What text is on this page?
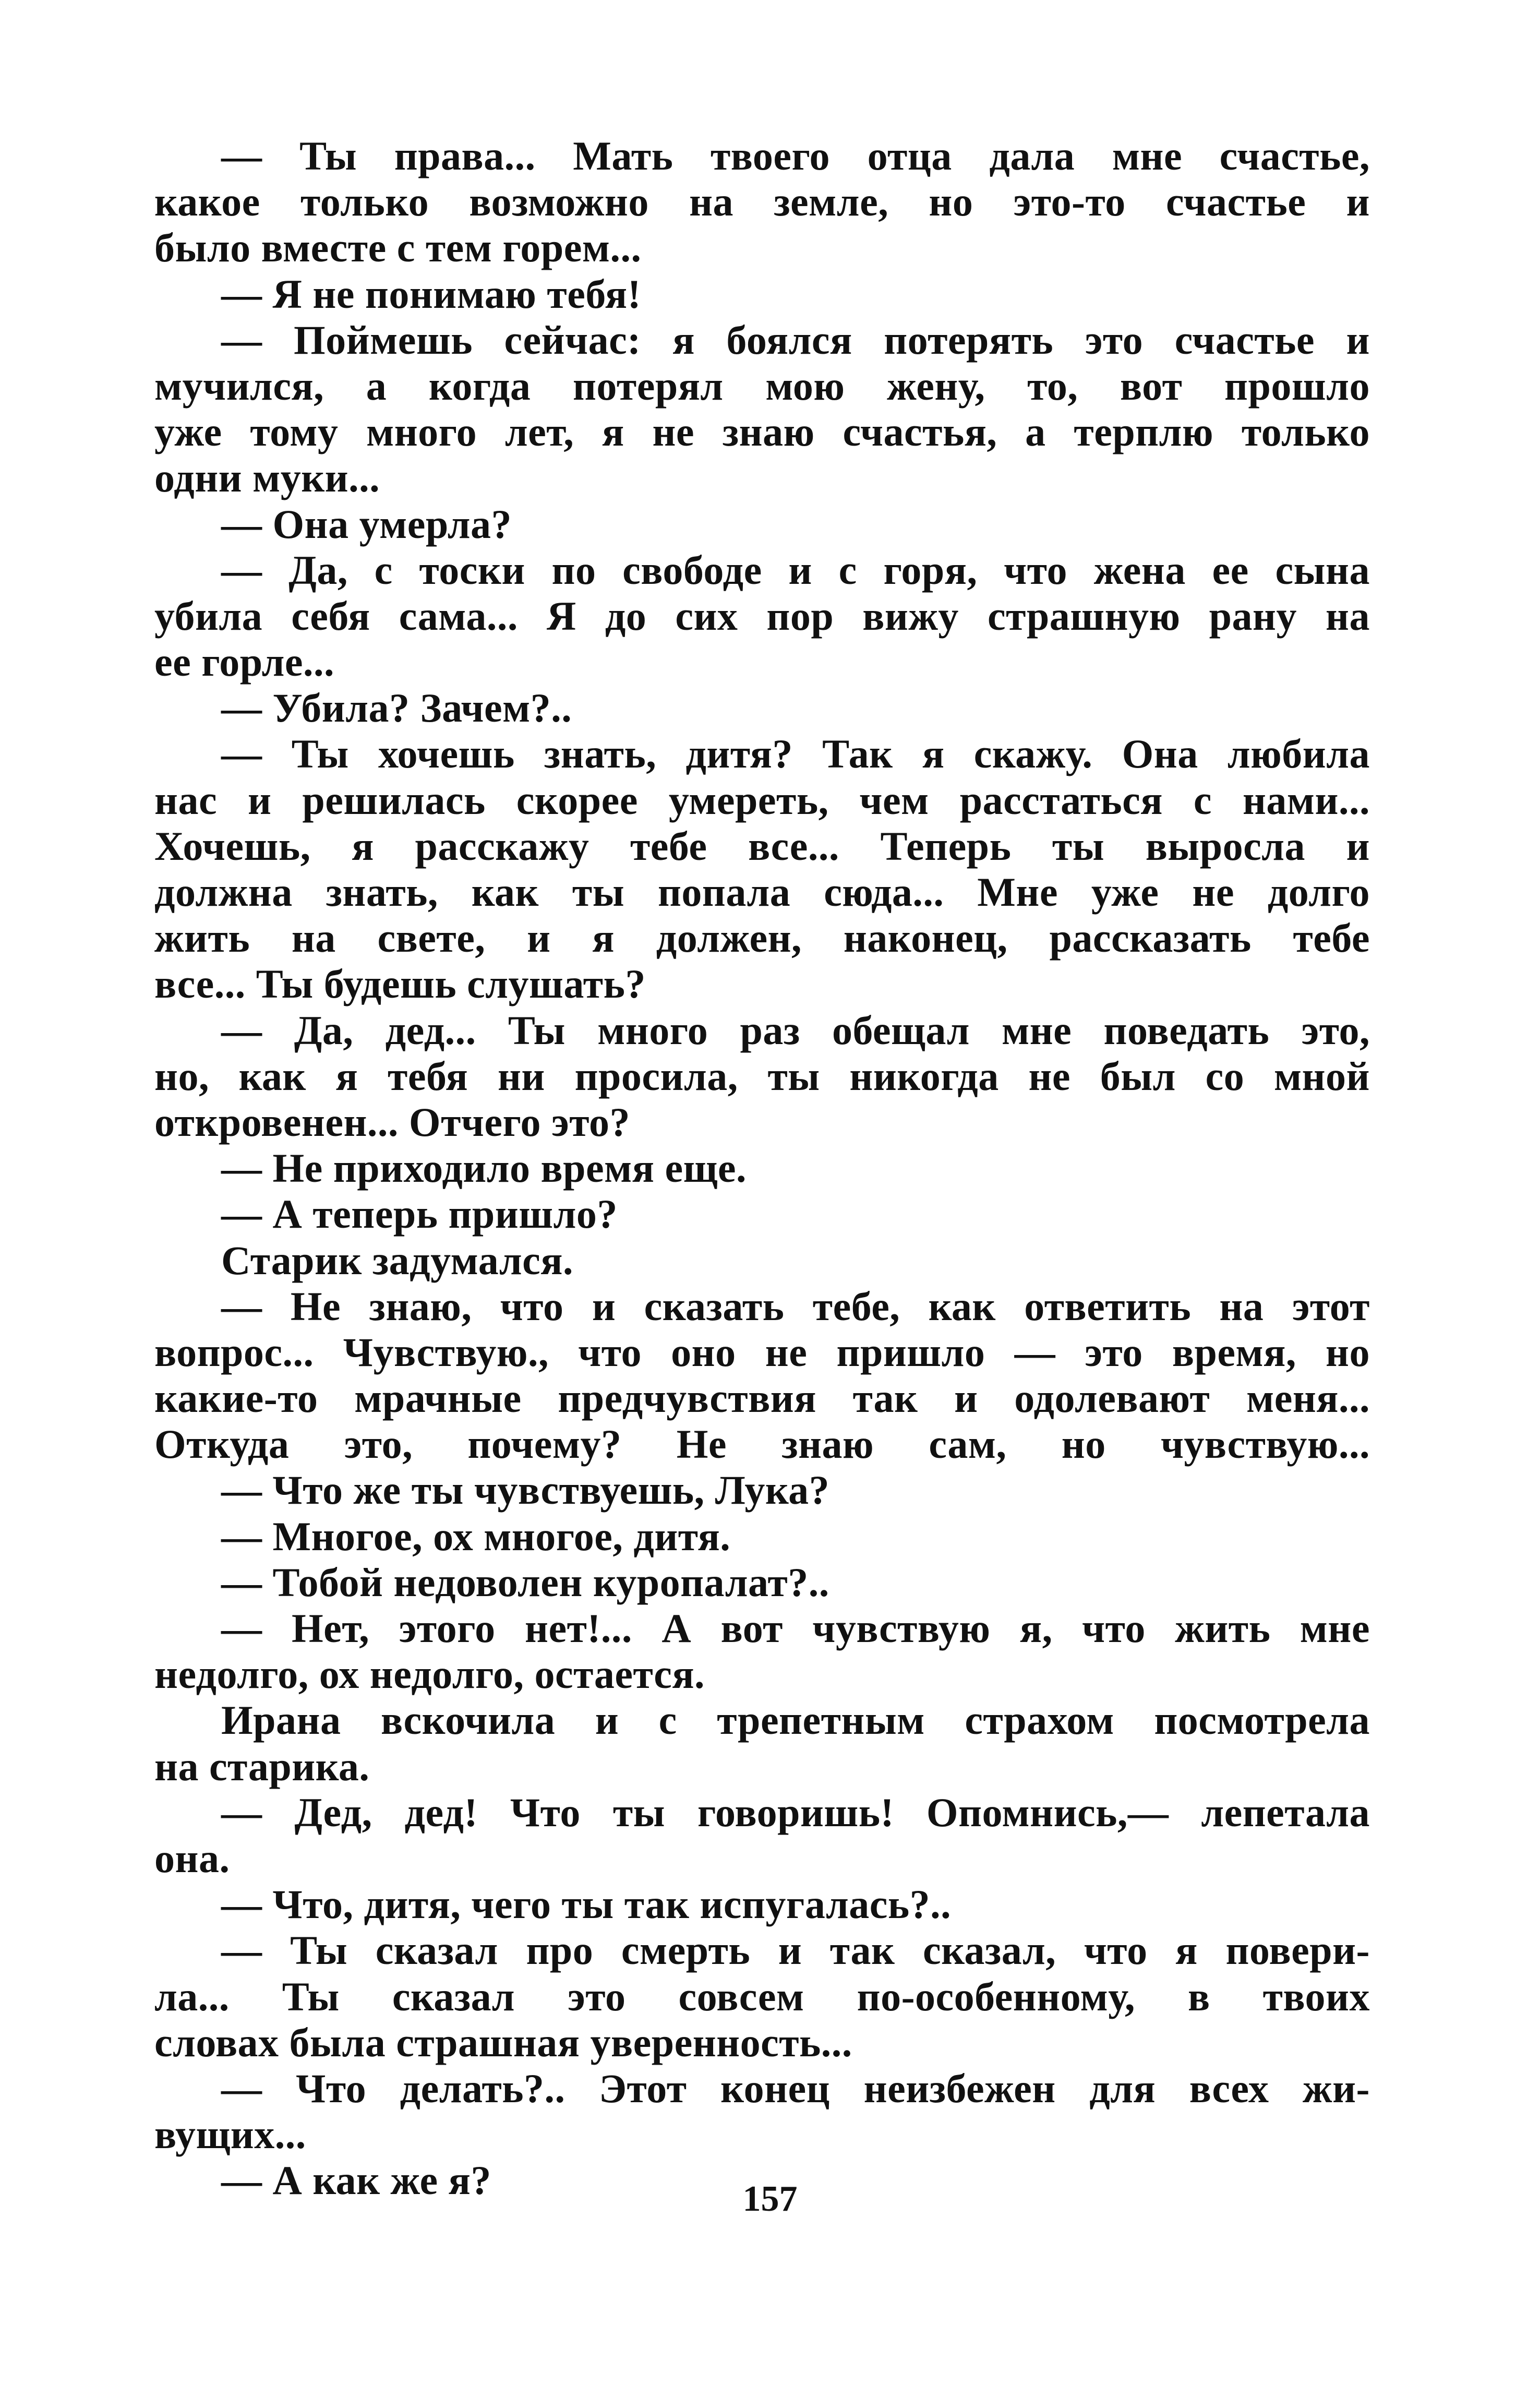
— Ты права... Мать твоего отца дала мне счастье,
какое только возможно на земле, но это-то счастье и
было вместе с тем горем...
— Я не понимаю тебя!
— Поймешь сейчас: я боялся потерять это счастье и
мучился, а когда потерял мою жену, то, вот прошло
уже тому много лет, я не знаю счастья, а терплю только
одни муки...
— Она умерла?
— Да, с тоски по свободе и с горя, что жена ее сына
убила себя сама... Я до сих пор вижу страшную рану на
ее горле...
— Убила? Зачем?..
— Ты хочешь знать, дитя? Так я скажу. Она любила
нас и решилась скорее умереть, чем расстаться с нами...
Хочешь, я расскажу тебе все... Теперь ты выросла и
должна знать, как ты попала сюда... Мне уже не долго
жить на свете, и я должен, наконец, рассказать тебе
все... Ты будешь слушать?
— Да, дед... Ты много раз обещал мне поведать это,
но, как я тебя ни просила, ты никогда не был со мной
откровенен... Отчего это?
— Не приходило время еще.
— А теперь пришло?
Старик задумался.
— Не знаю, что и сказать тебе, как ответить на этот
вопрос... Чувствую., что оно не пришло — это время, но
какие-то мрачные предчувствия так и одолевают меня...
Откуда это, почему? Не знаю сам, но чувствую...
— Что же ты чувствуешь, Лука?
— Многое, ох многое, дитя.
— Тобой недоволен куропалат?..
— Нет, этого нет!... А вот чувствую я, что жить мне
недолго, ох недолго, остается.
Ирана вскочила и с трепетным страхом посмотрела
на старика.
— Дед, дед! Что ты говоришь! Опомнись,— лепетала
она.
— Что, дитя, чего ты так испугалась?..
— Ты сказал про смерть и так сказал, что я повери-
ла... Ты сказал это совсем по-особенному, в твоих
словах была страшная уверенность...
— Что делать?.. Этот конец неизбежен для всех жи-
вущих...
— А как же я?	157
